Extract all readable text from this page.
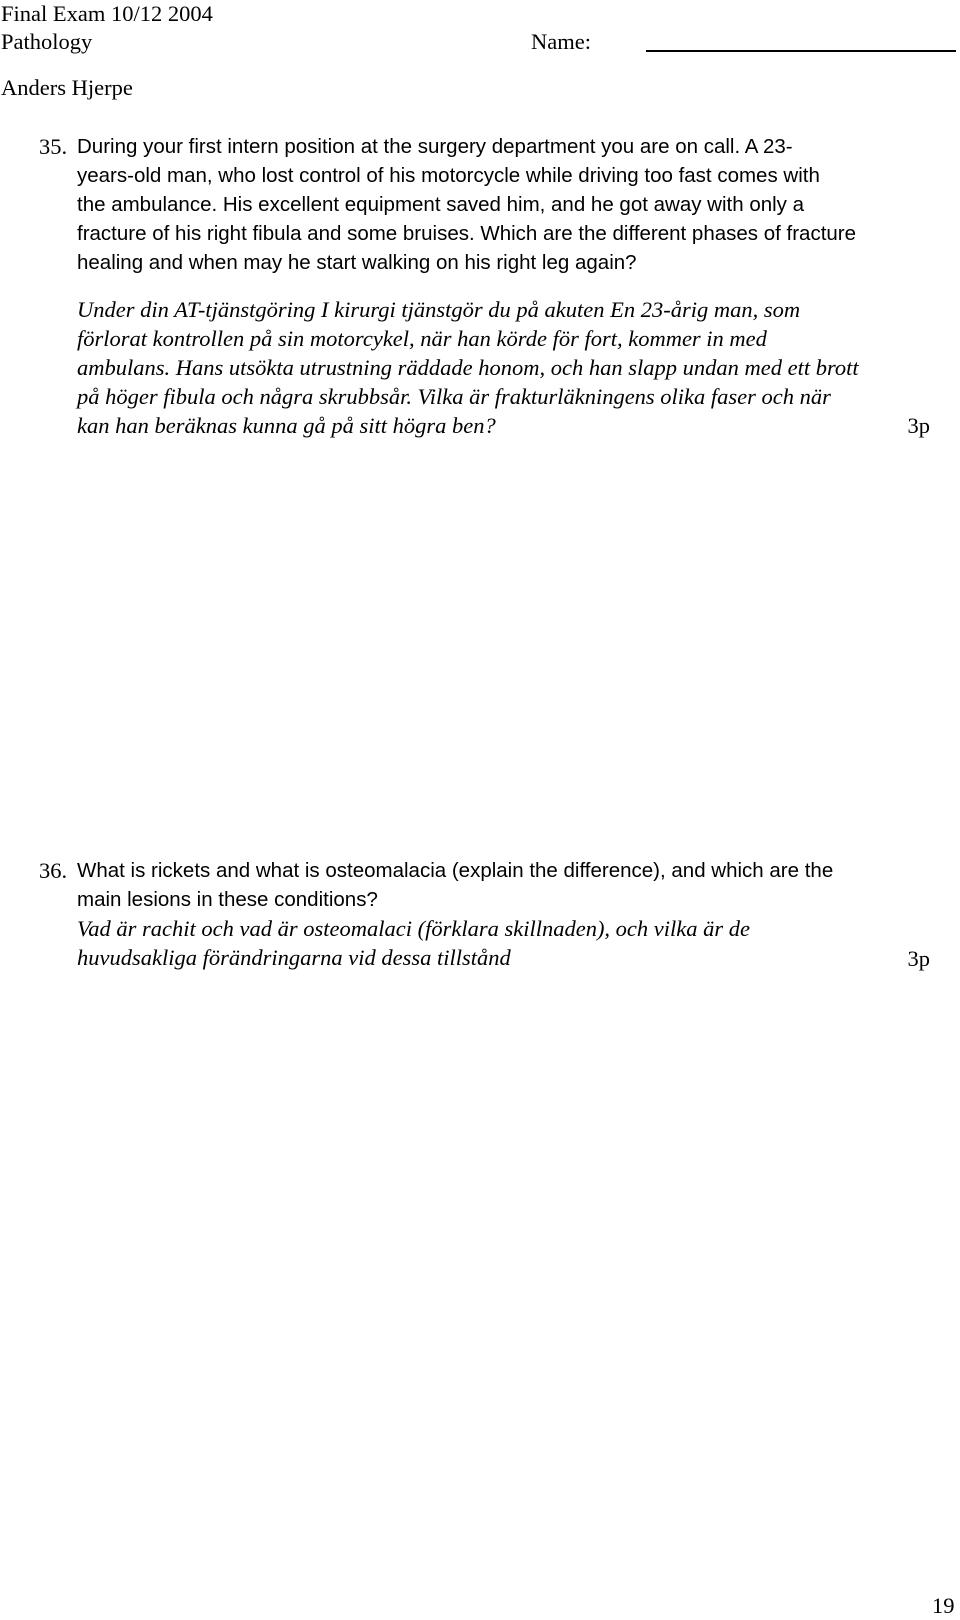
Final Exam 10/12 2004
Pathology	Name:
Anders Hjerpe
35. During your first intern position at the surgery department you are on call. A 23-
years-old man, who lost control of his motorcycle while driving too fast comes with
the ambulance. His excellent equipment saved him, and he got away with only a
fracture of his right fibula and some bruises. Which are the different phases of fracture
healing and when may he start walking on his right leg again?
Under din AT-tjänstgöring I kirurgi tjänstgör du på akuten En 23-årig man, som
förlorat kontrollen på sin motorcykel, när han körde för fort, kommer in med
ambulans. Hans utsökta utrustning räddade honom, och han slapp undan med ett brott
på höger fibula och några skrubbsår. Vilka är frakturläkningens olika faser och när
kan han beräknas kunna gå på sitt högra ben?	3p
36. What is rickets and what is osteomalacia (explain the difference), and which are the
main lesions in these conditions?
Vad är rachit och vad är osteomalaci (förklara skillnaden), och vilka är de
huvudsakliga förändringarna vid dessa tillstånd	3p
19
